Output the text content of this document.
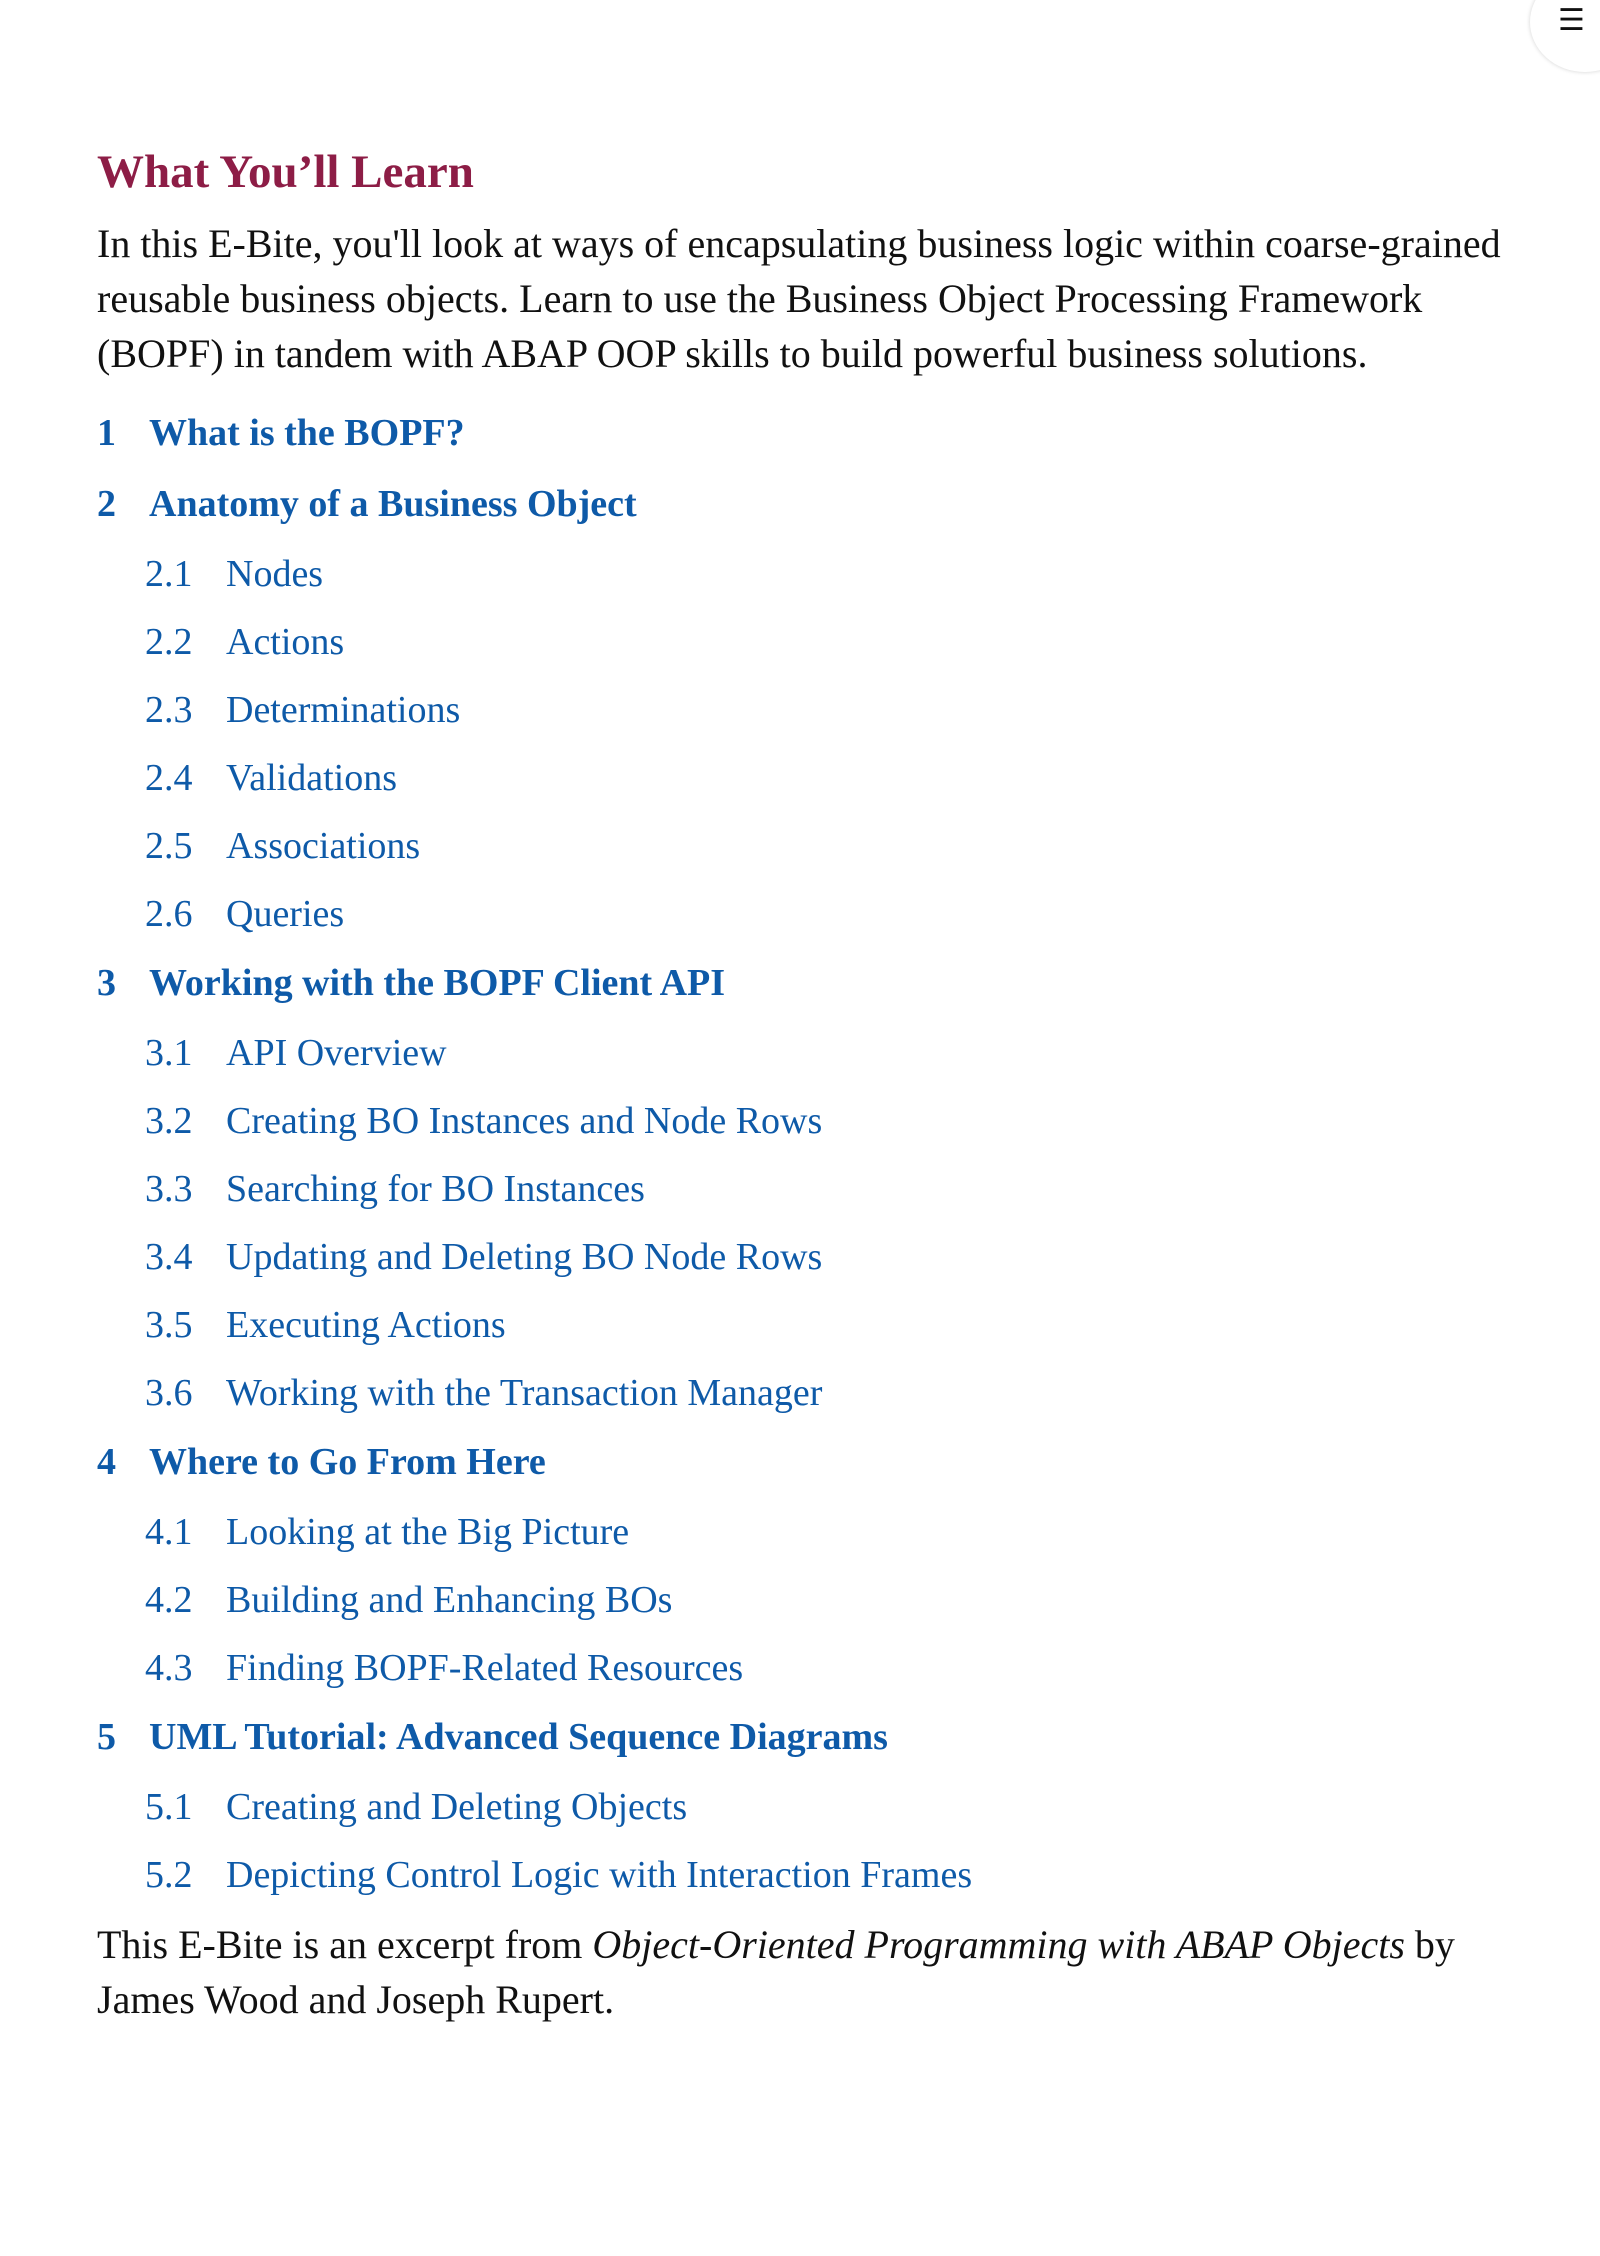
☰
What You’ll Learn

In this E-Bite, you'll look at ways of encapsulating business logic within coarse-grained reusable business objects. Learn to use the Business Object Processing Framework (BOPF) in tandem with ABAP OOP skills to build powerful business solutions.

1 What is the BOPF?
2 Anatomy of a Business Object
2.1 Nodes
2.2 Actions
2.3 Determinations
2.4 Validations
2.5 Associations
2.6 Queries
3 Working with the BOPF Client API
3.1 API Overview
3.2 Creating BO Instances and Node Rows
3.3 Searching for BO Instances
3.4 Updating and Deleting BO Node Rows
3.5 Executing Actions
3.6 Working with the Transaction Manager
4 Where to Go From Here
4.1 Looking at the Big Picture
4.2 Building and Enhancing BOs
4.3 Finding BOPF-Related Resources
5 UML Tutorial: Advanced Sequence Diagrams
5.1 Creating and Deleting Objects
5.2 Depicting Control Logic with Interaction Frames

This E-Bite is an excerpt from Object-Oriented Programming with ABAP Objects by James Wood and Joseph Rupert.
